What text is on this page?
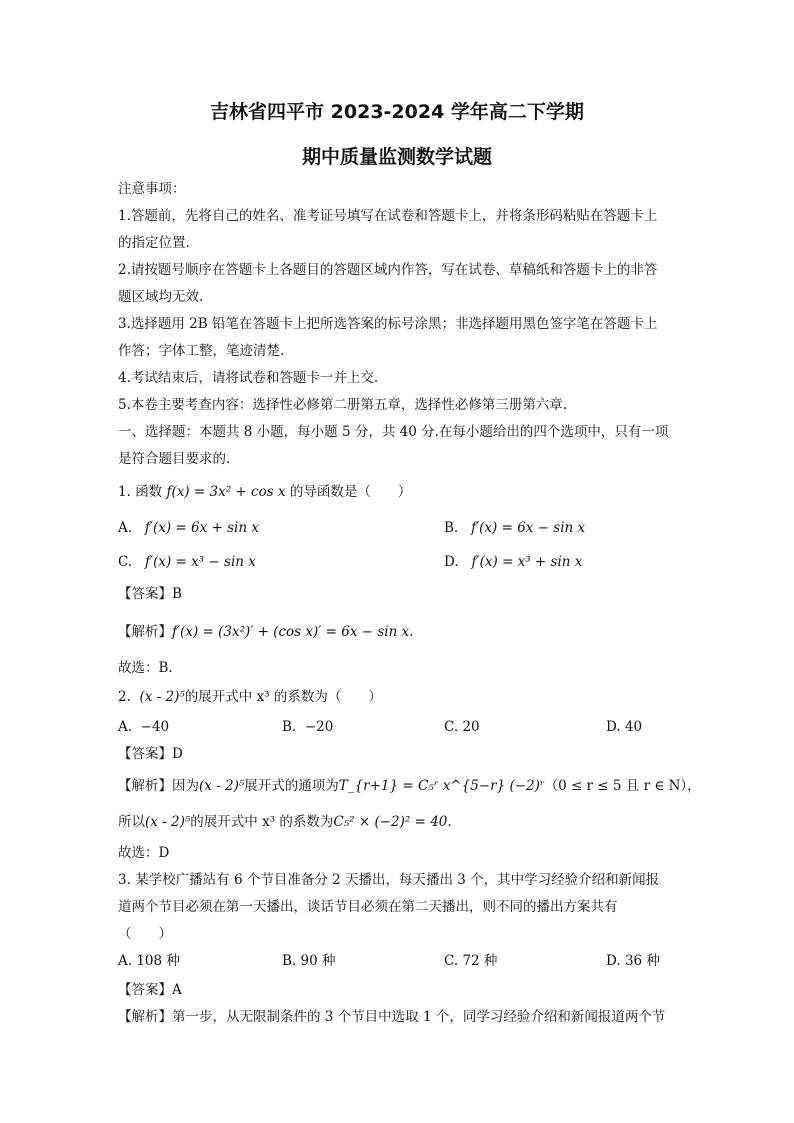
吉林省四平市 2023-2024 学年高二下学期
期中质量监测数学试题
注意事项：
1.答题前，先将自己的姓名、准考证号填写在试卷和答题卡上，并将条形码粘贴在答题卡上
的指定位置.
2.请按题号顺序在答题卡上各题目的答题区域内作答，写在试卷、草稿纸和答题卡上的非答
题区域均无效.
3.选择题用 2B 铅笔在答题卡上把所选答案的标号涂黑；非选择题用黑色签字笔在答题卡上
作答；字体工整，笔迹清楚.
4.考试结束后，请将试卷和答题卡一并上交.
5.本卷主要考查内容：选择性必修第二册第五章，选择性必修第三册第六章.
一、选择题：本题共 8 小题，每小题 5 分，共 40 分.在每小题给出的四个选项中，只有一项
是符合题目要求的.
1. 函数 f(x) = 3x² + cos x 的导函数是（　　）
A. f′(x) = 6x + sin x	B. f′(x) = 6x − sin x
C. f′(x) = x³ − sin x	D. f′(x) = x³ + sin x
【答案】B
【解析】f′(x) = (3x²)′ + (cos x)′ = 6x − sin x.
故选：B.
2. (x - 2)⁵的展开式中 x³ 的系数为（　　）
A. −40	B. −20	C. 20	D. 40
【答案】D
【解析】因为(x - 2)⁵展开式的通项为T_{r+1} = C₅ʳ x^{5−r} (−2)ʳ（0 ≤ r ≤ 5 且 r ∈ N），
所以(x - 2)⁵的展开式中 x³ 的系数为C₅² × (−2)² = 40.
故选：D
3. 某学校广播站有 6 个节目准备分 2 天播出，每天播出 3 个，其中学习经验介绍和新闻报
道两个节目必须在第一天播出，谈话节目必须在第二天播出，则不同的播出方案共有
（　　）
A. 108 种	B. 90 种	C. 72 种	D. 36 种
【答案】A
【解析】第一步，从无限制条件的 3 个节目中选取 1 个，同学习经验介绍和新闻报道两个节
